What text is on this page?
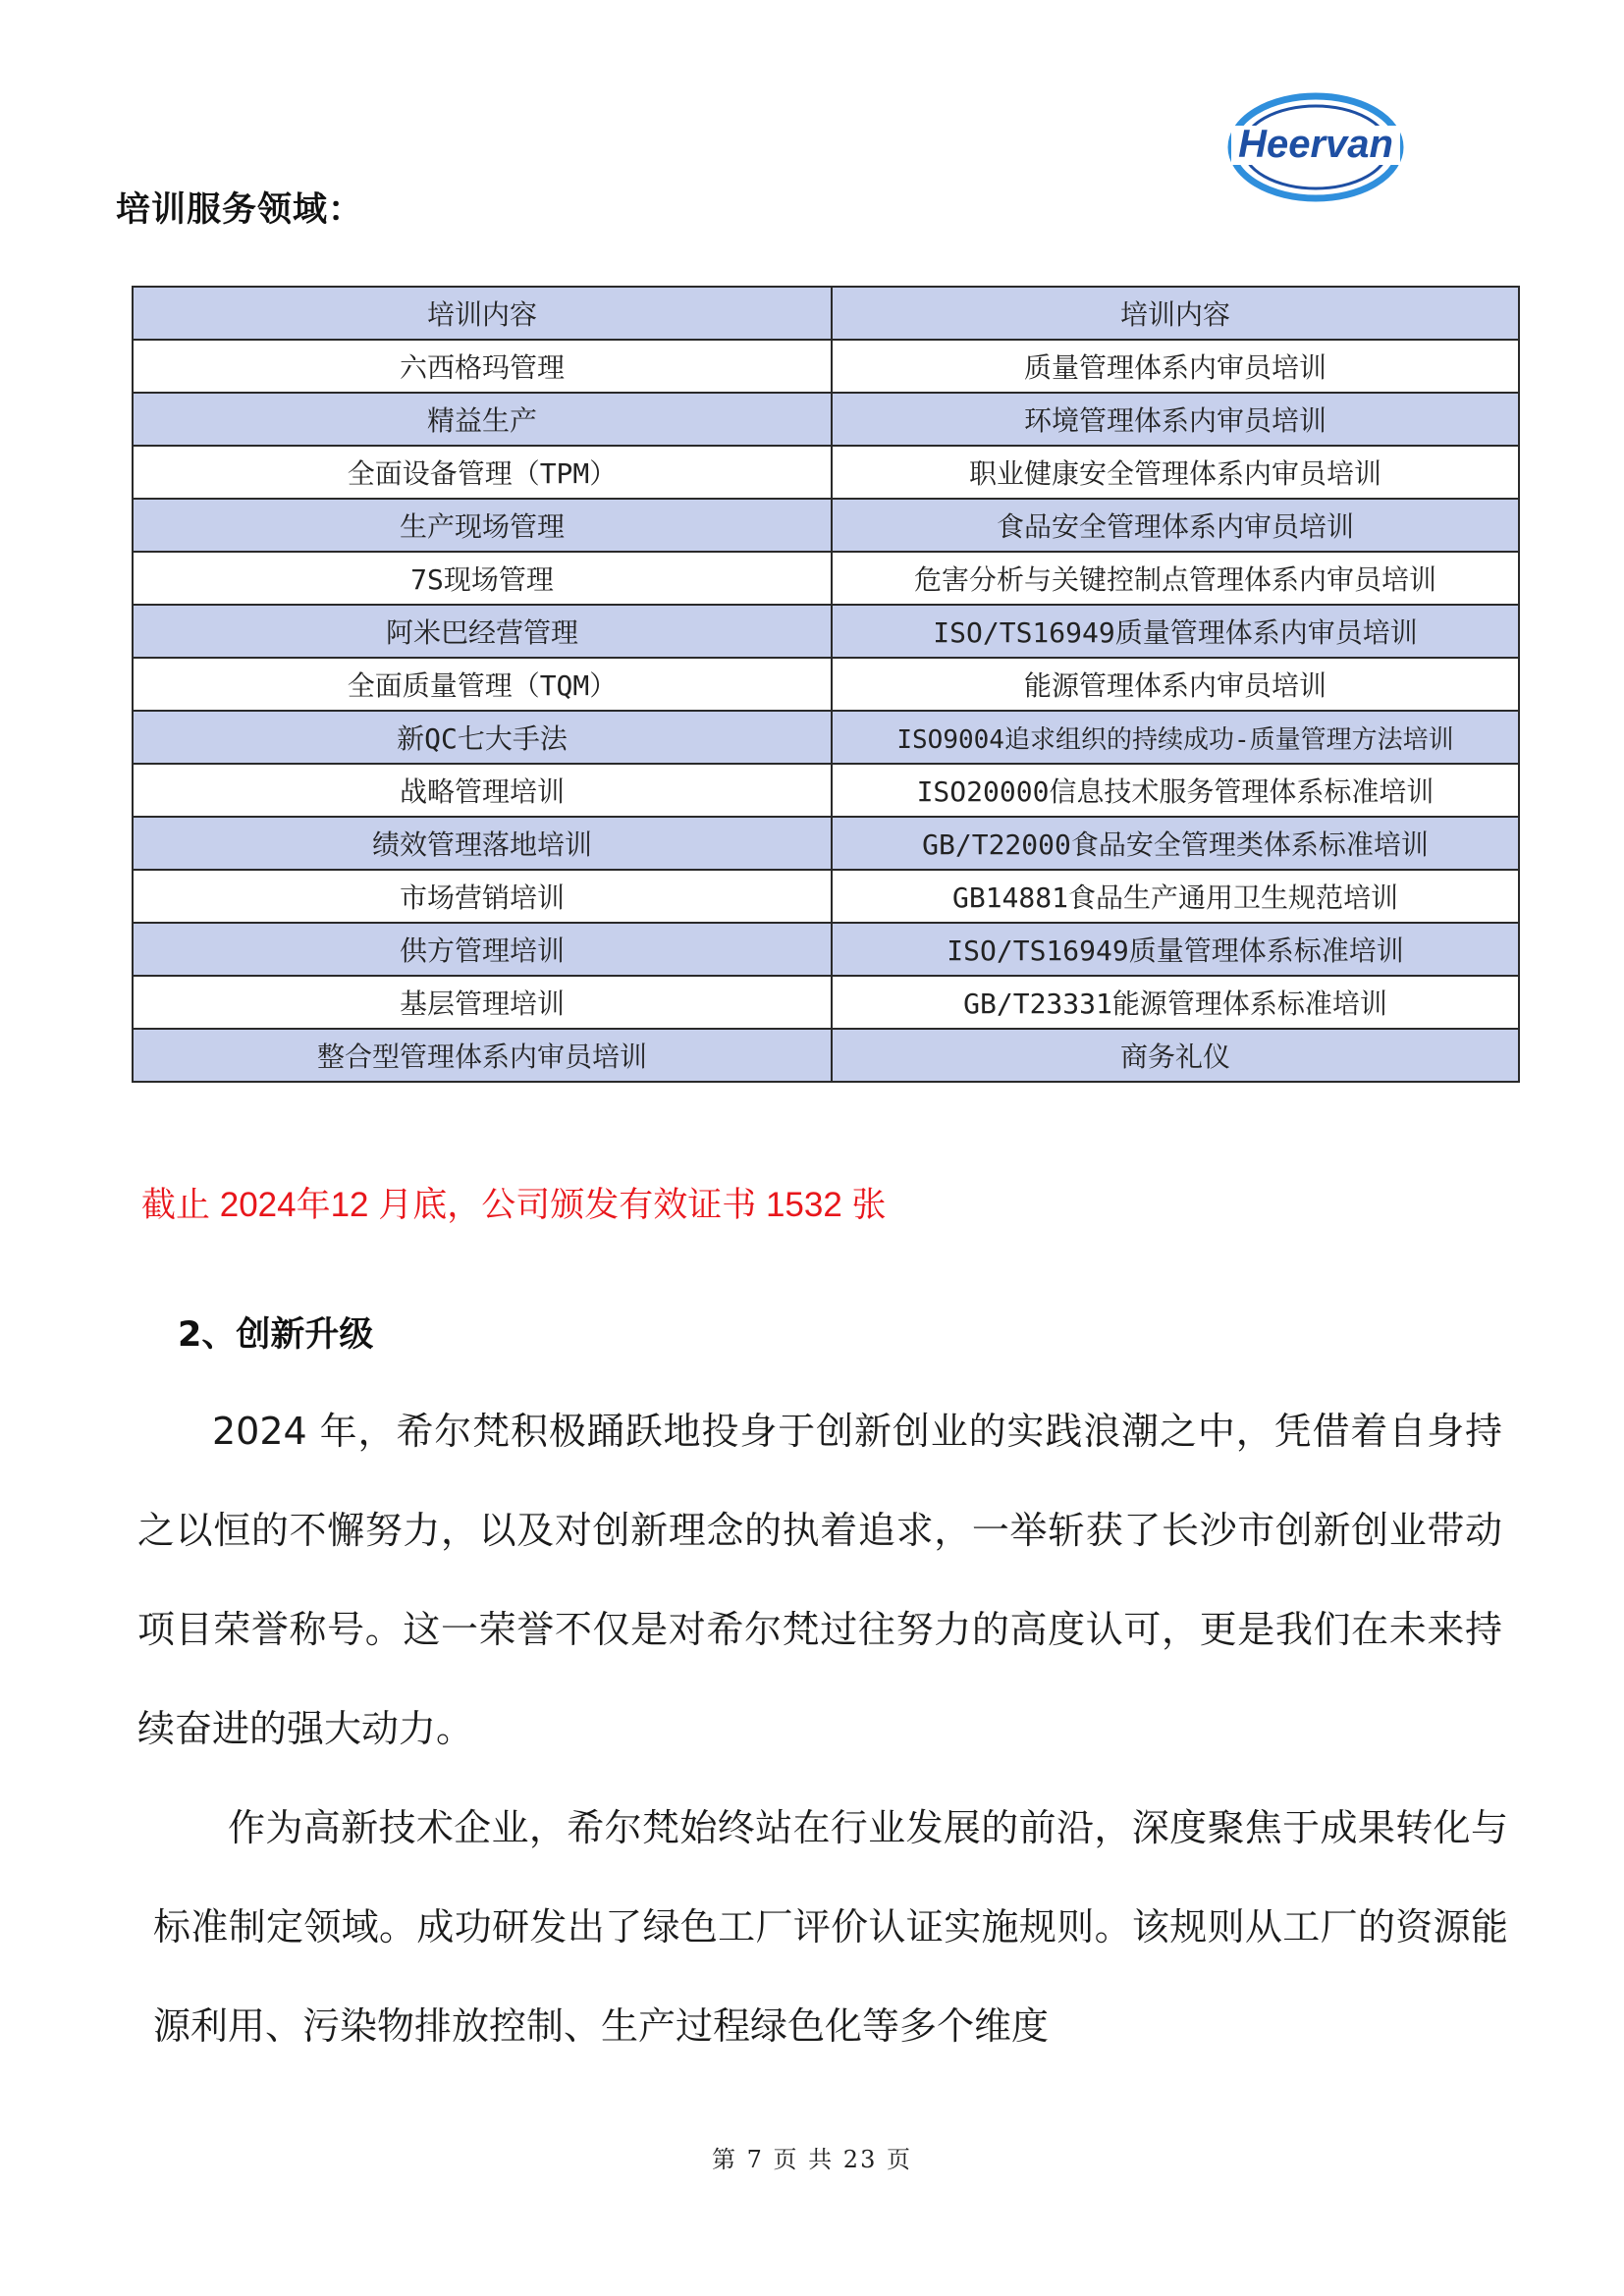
Heervan
培训服务领域：
培训内容	培训内容
六西格玛管理	质量管理体系内审员培训
精益生产	环境管理体系内审员培训
全面设备管理（TPM）	职业健康安全管理体系内审员培训
生产现场管理	食品安全管理体系内审员培训
7S现场管理	危害分析与关键控制点管理体系内审员培训
阿米巴经营管理	ISO/TS16949质量管理体系内审员培训
全面质量管理（TQM）	能源管理体系内审员培训
新QC七大手法	ISO9004追求组织的持续成功-质量管理方法培训
战略管理培训	ISO20000信息技术服务管理体系标准培训
绩效管理落地培训	GB/T22000食品安全管理类体系标准培训
市场营销培训	GB14881食品生产通用卫生规范培训
供方管理培训	ISO/TS16949质量管理体系标准培训
基层管理培训	GB/T23331能源管理体系标准培训
整合型管理体系内审员培训	商务礼仪
截止 2024年12 月底，公司颁发有效证书 1532 张
2、创新升级

2024 年，希尔梵积极踊跃地投身于创新创业的实践浪潮之中，凭借着自身持之以恒的不懈努力，以及对创新理念的执着追求，一举斩获了长沙市创新创业带动项目荣誉称号。这一荣誉不仅是对希尔梵过往努力的高度认可，更是我们在未来持续奋进的强大动力。

作为高新技术企业，希尔梵始终站在行业发展的前沿，深度聚焦于成果转化与标准制定领域。成功研发出了绿色工厂评价认证实施规则。该规则从工厂的资源能源利用、污染物排放控制、生产过程绿色化等多个维度

第 7 页 共 23 页
